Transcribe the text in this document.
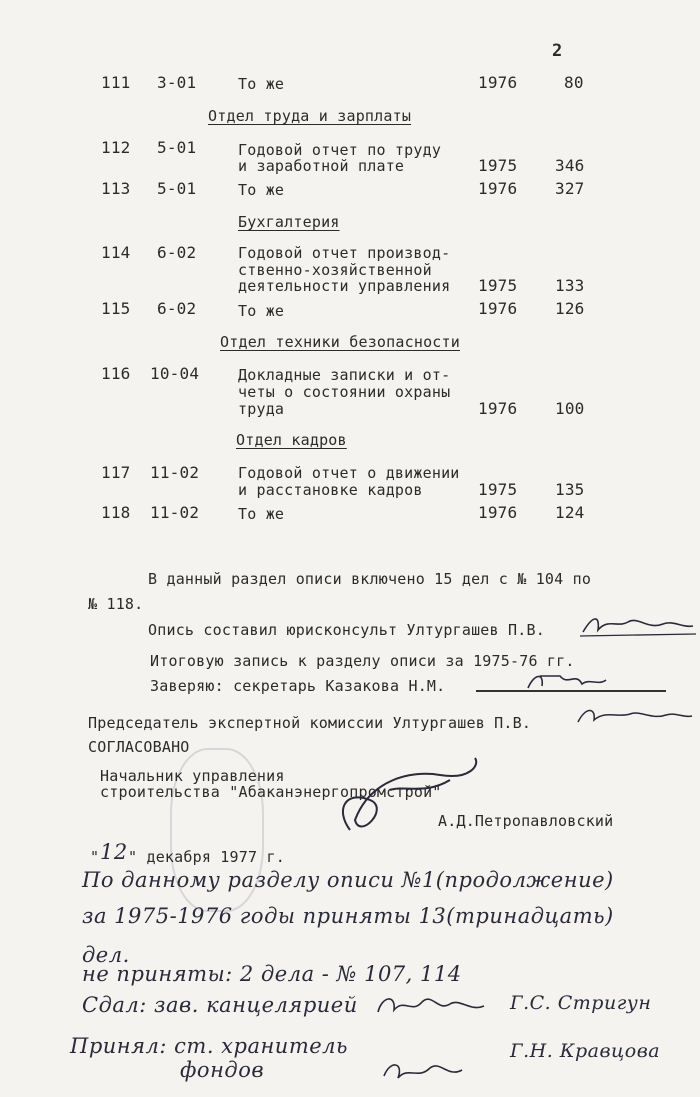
2
111 3-01	То же	1976	80
Отдел труда и зарплаты
112 5-01	Годовой отчет по труду
и заработной плате	1975 346
113 5-01	То же	1976 327
Бухгалтерия
114 6-02	Годовой отчет производ-
ственно-хозяйственной
деятельности управления 1975 133
115 6-02	То же	1976 126
Отдел техники безопасности
116 10-04	Докладные записки и от-
четы о состоянии охраны
труда	1976 100
Отдел кадров
117 11-02	Годовой отчет о движении
и расстановке кадров	1975 135
118 11-02	То же	1976 124
В данный раздел описи включено 15 дел с № 104 по
№ 118.
Опись составил юрисконсульт Ултургашев П.В.
Итоговую запись к разделу описи за 1975-76 гг.
Заверяю: секретарь Казакова Н.М.
Председатель экспертной комиссии Ултургашев П.В.
СОГЛАСОВАНО
Начальник управления
строительства "Абаканэнергопромстрой"
А.Д.Петропавловский
" 12 " декабря 1977 г.
По данному разделу описи №1(продолжение)
за 1975-1976 годы приняты 13(тринадцать)
дел.
не приняты: 2 дела - № 107, 114
Сдал: зав. канцелярией	Г.С. Стригун
Принял: ст. хранитель
фондов
Г.Н. Кравцова
